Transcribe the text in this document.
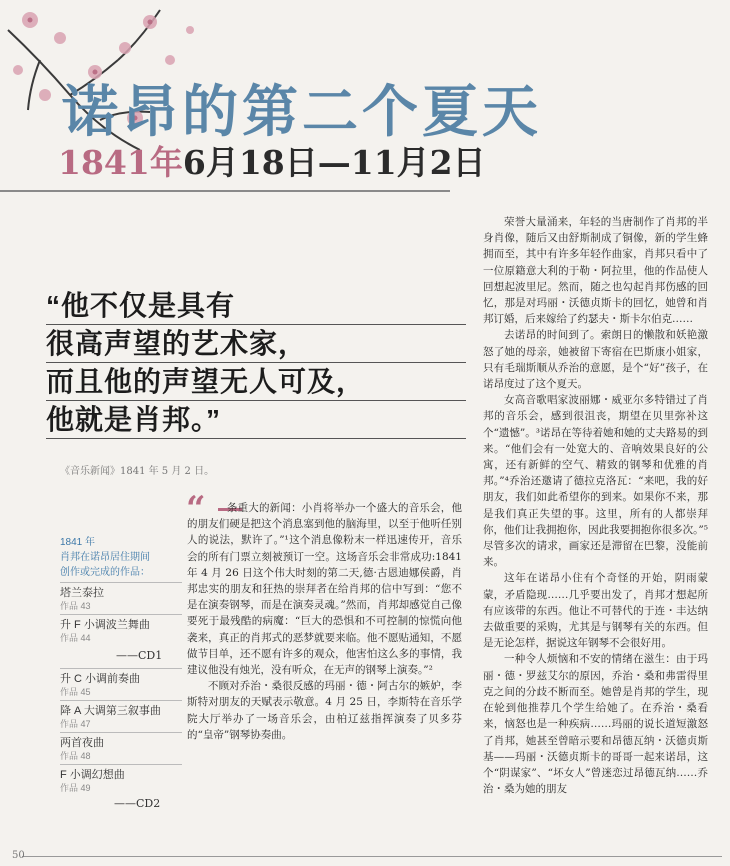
诺昂的第二个夏天
1841年6月18日—11月2日
“他不仅是具有
很高声望的艺术家，
而且他的声望无人可及，
他就是肖邦。”

《音乐新闻》1841 年 5 月 2 日。

1841 年
肖邦在诺昂居住期间
创作或完成的作品：
塔兰泰拉
作品 43
升 F 小调波兰舞曲
作品 44
——CD1
升 C 小调前奏曲
作品 45
降 A 大调第三叙事曲
作品 47
两首夜曲
作品 48
F 小调幻想曲
作品 49
——CD2
“	条重大的新闻：小肖将举办一个盛大的音乐会，他的朋友们硬是把这个消息塞到他的脑海里，以至于他听任别人的说法，默许了。”¹这个消息像粉末一样迅速传开，音乐会的所有门票立刻被预订一空。这场音乐会非常成功:1841 年 4 月 26 日这个伟大时刻的第二天,德·古恩迪娜侯爵，肖邦忠实的朋友和狂热的崇拜者在给肖邦的信中写到：“您不是在演奏钢琴，而是在演奏灵魂。”然而，肖邦却感觉自己像要死于最残酷的病魔：“巨大的恐惧和不可控制的惊慌向他袭来，真正的肖邦式的恶梦就要来临。他不愿贴通知，不愿做节目单，还不愿有许多的观众，他害怕这么多的事情，我建议他没有烛光，没有听众，在无声的钢琴上演奏。”²

不顾对乔治・桑很反感的玛丽・德・阿古尔的嫉妒，李斯特对朋友的天赋表示敬意。4 月 25 日，李斯特在音乐学院大厅举办了一场音乐会，由柏辽兹指挥演奏了贝多芬的“皇帝”钢琴协奏曲。

荣誉大量涌来，年轻的当唐制作了肖邦的半身肖像，随后又由舒斯制成了铜像，新的学生蜂拥而至，其中有许多年轻作曲家，肖邦只看中了一位原籍意大利的于勒・阿拉里，他的作品使人回想起波里尼。然而，随之也勾起肖邦伤感的回忆，那是对玛丽・沃德贞斯卡的回忆，她曾和肖邦订婚，后来嫁给了约瑟夫・斯卡尔伯克……

去诺昂的时间到了。索朗日的懒散和妖艳激怒了她的母亲，她被留下寄宿在巴斯康小姐家，只有毛瑞斯顺从乔治的意愿，是个“好”孩子，在诺昂度过了这个夏天。

女高音歌唱家波丽娜・威亚尔多特错过了肖邦的音乐会，感到很沮丧，期望在贝里弥补这个“遗憾”。³诺昂在等待着她和她的丈夫路易的到来。“他们会有一处宽大的、音响效果良好的公寓，还有新鲜的空气、精致的钢琴和优雅的肖邦。”⁴乔治还邀请了德拉克洛瓦：“来吧，我的好朋友，我们如此希望你的到来。如果你不来，那是我们真正失望的事。这里，所有的人都崇拜你，他们让我拥抱你，因此我要拥抱你很多次。”⁵尽管多次的请求，画家还是滞留在巴黎，没能前来。

这年在诺昂小住有个奇怪的开始，阴雨蒙蒙，矛盾隐现……几乎要出发了，肖邦才想起所有应该带的东西。他让不可替代的于连・丰达纳去做重要的采购，尤其是与钢琴有关的东西。但是无论怎样，据说这年钢琴不会很好用。

一种令人烦恼和不安的情绪在滋生：由于玛丽・德・罗兹艾尔的原因，乔治・桑和弗雷得里克之间的分歧不断而至。她曾是肖邦的学生，现在轮到他推荐几个学生给她了。在乔治・桑看来，恼怒也是一种疾病……玛丽的说长道短激怒了肖邦，她甚至曾暗示要和昂德瓦纳・沃德贞斯基——玛丽・沃德贞斯卡的哥哥一起来诺昂，这个“阴谋家”、“坏女人”曾迷恋过昂德瓦纳……乔治・桑为她的朋友

50
